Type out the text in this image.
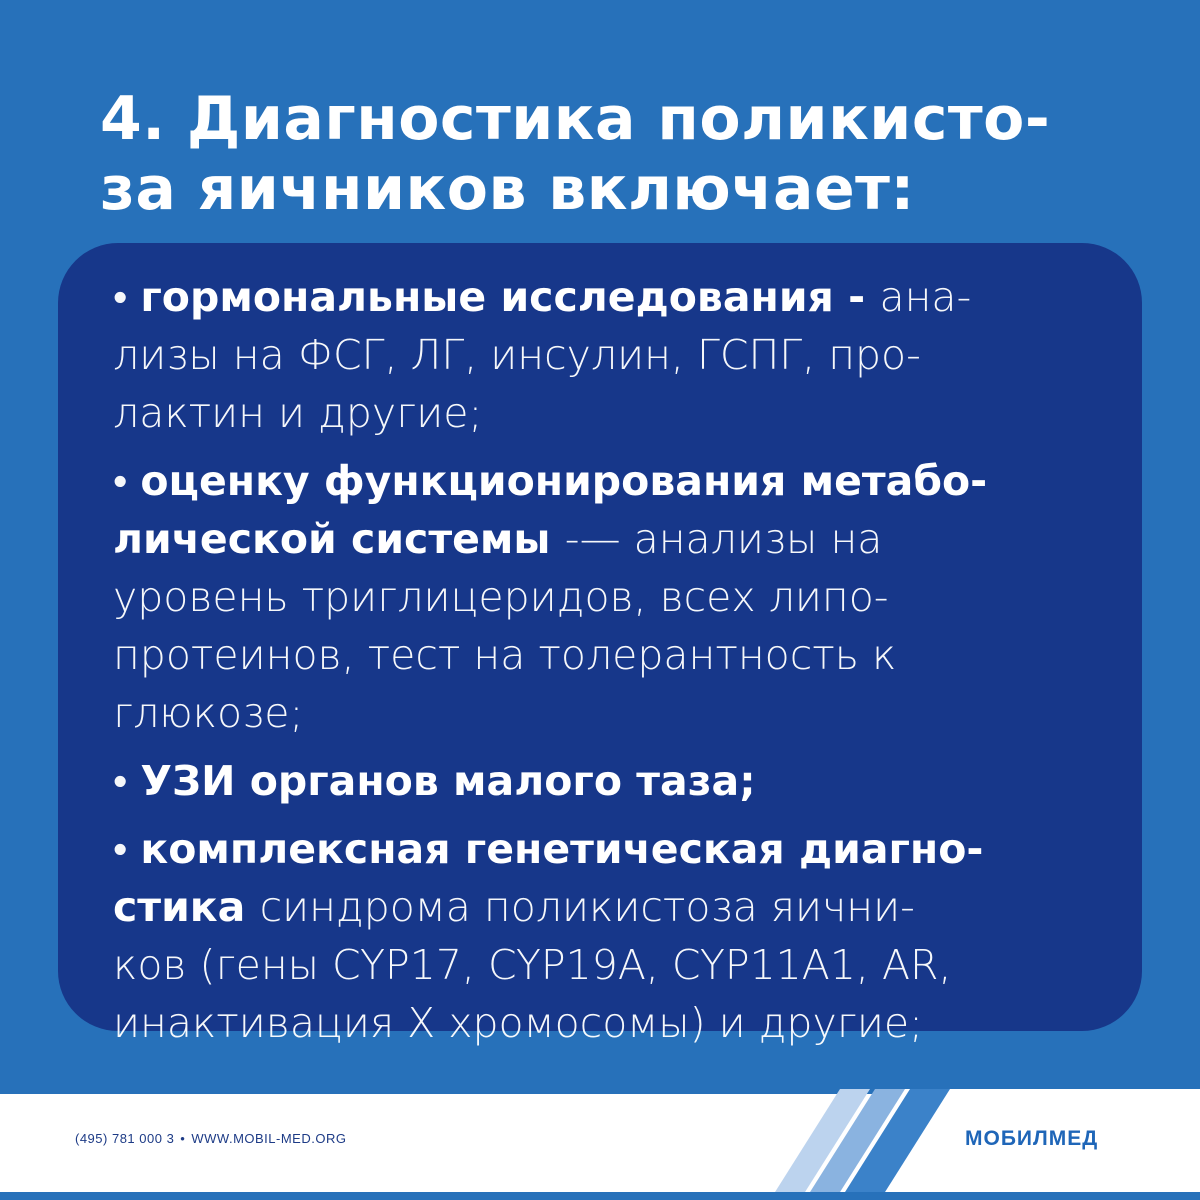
4. Диагностика поликисто-
за яичников включает:
• гормональные исследования - ана-
лизы на ФСГ, ЛГ, инсулин, ГСПГ, про-
лактин и другие;
• оценку функционирования метабо-
лической системы -— анализы на
уровень триглицеридов, всех липо-
протеинов, тест на толерантность к
глюкозе;
• УЗИ органов малого таза;
• комплексная генетическая диагно-
стика синдрома поликистоза яични-
ков (гены CYP17, CYP19A, CYP11A1, AR,
инактивация Х хромосомы) и другие;
(495) 781 000 3 • WWW.MOBIL-MED.ORG	МОБИЛМЕД
